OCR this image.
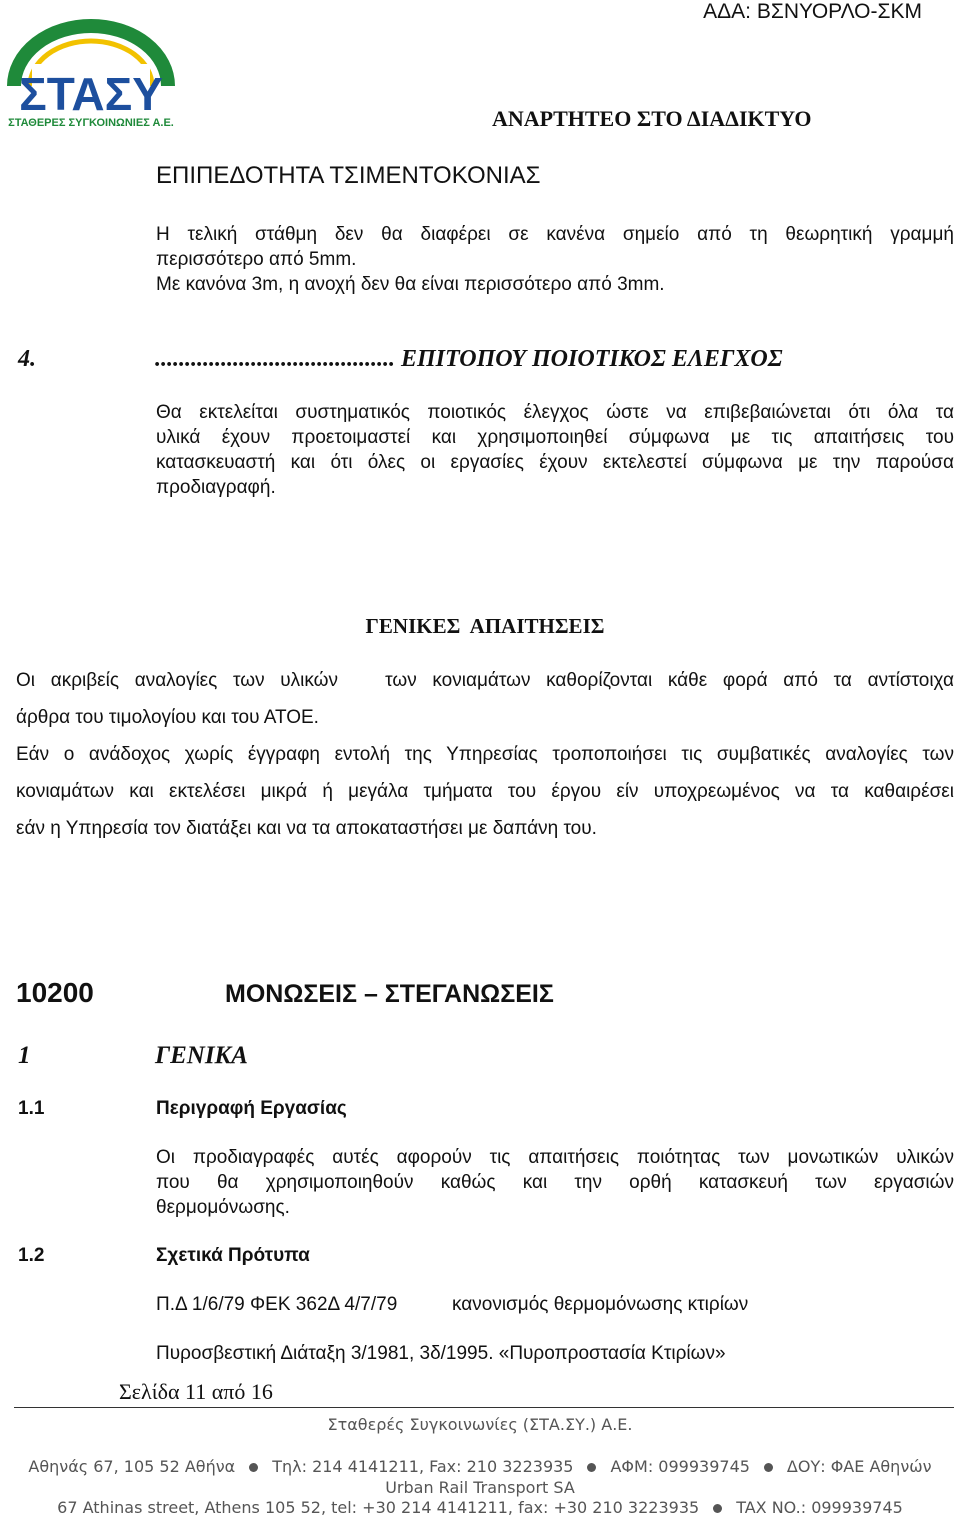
ΑΔΑ: ΒΣΝΥΟΡΛΟ-ΣΚΜ
ΣΤΑΣΥ
ΣΤΑΘΕΡΕΣ ΣΥΓΚΟΙΝΩΝΙΕΣ Α.Ε.	ΑΝΑΡΤΗΤΕΟ ΣΤΟ ΔΙΑΔΙΚΤΥΟ
ΕΠΙΠΕΔΟΤΗΤΑ ΤΣΙΜΕΝΤΟΚΟΝΙΑΣ
Η τελική στάθμη δεν θα διαφέρει σε κανένα σημείο από τη θεωρητική γραμμή
περισσότερο από 5mm.
Με κανόνα 3m, η ανοχή δεν θα είναι περισσότερο από 3mm.
4.	........................................ ΕΠΙΤΟΠΟΥ ΠΟΙΟΤΙΚΟΣ ΕΛΕΓΧΟΣ
Θα εκτελείται συστηματικός ποιοτικός έλεγχος ώστε να επιβεβαιώνεται ότι όλα τα
υλικά έχουν προετοιμαστεί και χρησιμοποιηθεί σύμφωνα με τις απαιτήσεις του
κατασκευαστή και ότι όλες οι εργασίες έχουν εκτελεστεί σύμφωνα με την παρούσα
προδιαγραφή.
ΓΕΝΙΚΕΣ  ΑΠΑΙΤΗΣΕΙΣ
Οι ακριβείς αναλογίες των υλικών   των κονιαμάτων καθορίζονται κάθε φορά από τα αντίστοιχα
άρθρα του τιμολογίου και του ΑΤΟΕ.
Εάν ο ανάδοχος χωρίς έγγραφη εντολή της Υπηρεσίας τροποποιήσει τις συμβατικές αναλογίες των
κονιαμάτων και εκτελέσει μικρά ή μεγάλα τμήματα του έργου είν υποχρεωμένος να τα καθαιρέσει
εάν η Υπηρεσία τον διατάξει και να τα αποκαταστήσει με δαπάνη του.
10200	ΜΟΝΩΣΕΙΣ – ΣΤΕΓΑΝΩΣΕΙΣ
1	ΓΕΝΙΚΑ
1.1	Περιγραφή Εργασίας
Οι προδιαγραφές αυτές αφορούν τις απαιτήσεις ποιότητας των μονωτικών υλικών
που θα χρησιμοποιηθούν καθώς και την ορθή κατασκευή των εργασιών
θερμομόνωσης.
1.2	Σχετικά Πρότυπα
Π.Δ 1/6/79 ΦΕΚ 362Δ 4/7/79	κανονισμός θερμομόνωσης κτιρίων
Πυροσβεστική Διάταξη 3/1981, 3δ/1995. «Πυροπροστασία Κτιρίων»
Σελίδα 11 από 16
Σταθερές Συγκοινωνίες (ΣΤΑ.ΣΥ.) Α.Ε.
Αθηνάς 67, 105 52 Αθήνα Τηλ: 214 4141211, Fax: 210 3223935 ΑΦΜ: 099939745 ΔΟΥ: ΦΑΕ Αθηνών
Urban Rail Transport SA
67 Athinas street, Athens 105 52, tel: +30 214 4141211, fax: +30 210 3223935 TAX NO.: 099939745
